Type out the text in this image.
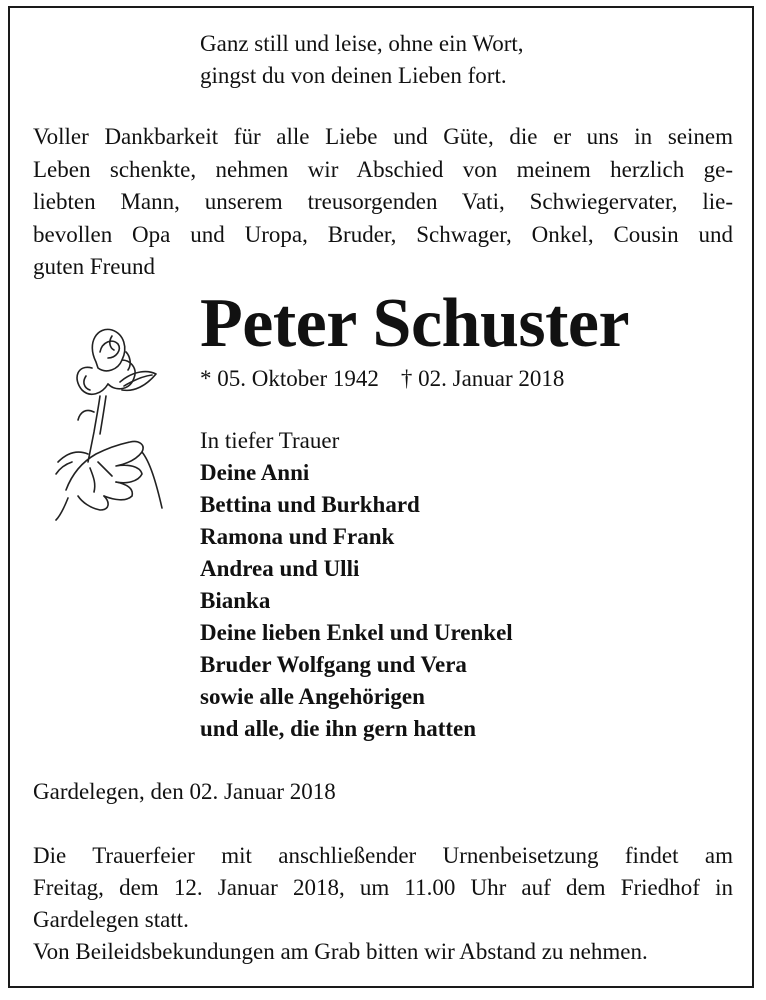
Ganz still und leise, ohne ein Wort,
gingst du von deinen Lieben fort.
Voller Dankbarkeit für alle Liebe und Güte, die er uns in seinem
Leben schenkte, nehmen wir Abschied von meinem herzlich ge-
liebten Mann, unserem treusorgenden Vati, Schwiegervater, lie-
bevollen Opa und Uropa, Bruder, Schwager, Onkel, Cousin und
guten Freund
Peter Schuster
* 05. Oktober 1942 † 02. Januar 2018
In tiefer Trauer
Deine Anni
Bettina und Burkhard
Ramona und Frank
Andrea und Ulli
Bianka
Deine lieben Enkel und Urenkel
Bruder Wolfgang und Vera
sowie alle Angehörigen
und alle, die ihn gern hatten
Gardelegen, den 02. Januar 2018
Die Trauerfeier mit anschließender Urnenbeisetzung findet am
Freitag, dem 12. Januar 2018, um 11.00 Uhr auf dem Friedhof in
Gardelegen statt.
Von Beileidsbekundungen am Grab bitten wir Abstand zu nehmen.
